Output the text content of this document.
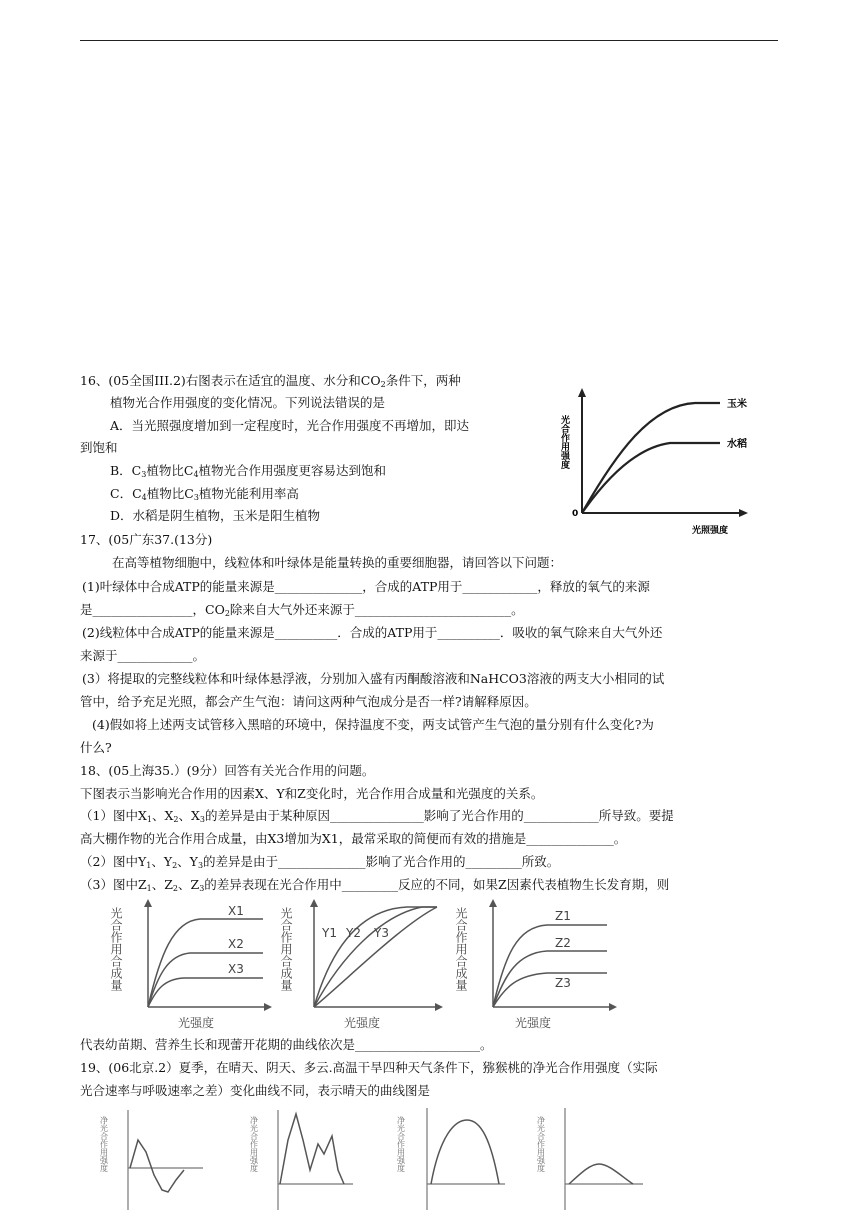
16、(05全国III.2)右图表示在适宜的温度、水分和$CO_2$条件下，两种
植物光合作用强度的变化情况。下列说法错误的是
A．当光照强度增加到一定程度时，光合作用强度不再增加，即达
到饱和
B．$C_3$植物比$C_4$植物光合作用强度更容易达到饱和
C．$C_4$植物比$C_3$植物光能利用率高
D．水稻是阴生植物，玉米是阳生植物
玉米
水稻
0
光照强度
光合作用强度
17、(05广东37.(13分)
在高等植物细胞中，线粒体和叶绿体是能量转换的重要细胞器，请回答以下问题：
(1)叶绿体中合成ATP的能量来源是______________，合成的ATP用于____________，释放的氧气的来源
是________________，$CO_2$除来自大气外还来源于_________________________。
(2)线粒体中合成ATP的能量来源是__________．合成的ATP用于__________．吸收的氧气除来自大气外还
来源于____________。
(3）将提取的完整线粒体和叶绿体悬浮液，分别加入盛有丙酮酸溶液和NaHCO3溶液的两支大小相同的试
管中，给予充足光照，都会产生气泡：请问这两种气泡成分是否一样?请解释原因。
(4)假如将上述两支试管移入黑暗的环境中，保持温度不变，两支试管产生气泡的量分别有什么变化?为
什么?
18、(05上海35.）(9分）回答有关光合作用的问题。
下图表示当影响光合作用的因素X、Y和Z变化时，光合作用合成量和光强度的关系。
（1）图中$X_1$、$X_2$、$X_3$的差异是由于某种原因_______________影响了光合作用的____________所导致。要提
高大棚作物的光合作用合成量，由X3增加为X1，最常采取的简便而有效的措施是______________。
（2）图中$Y_1$、$Y_2$、$Y_3$的差异是由于______________影响了光合作用的_________所致。
（3）图中$Z_1$、$Z_2$、$Z_3$的差异表现在光合作用中_________反应的不同，如果Z因素代表植物生长发育期，则
X1
X2
X3
光合作用合成量
光强度
Y1 Y2 Y3
光合作用合成量
光强度
Z1
Z2
Z3
光合作用合成量
光强度
代表幼苗期、营养生长和现蕾开花期的曲线依次是____________________。
19、(06北京.2）夏季，在晴天、阴天、多云.高温干旱四种天气条件下，猕猴桃的净光合作用强度（实际
光合速率与呼吸速率之差）变化曲线不同，表示晴天的曲线图是
净光合作用强度	净光合作用强度	净光合作用强度	净光合作用强度
